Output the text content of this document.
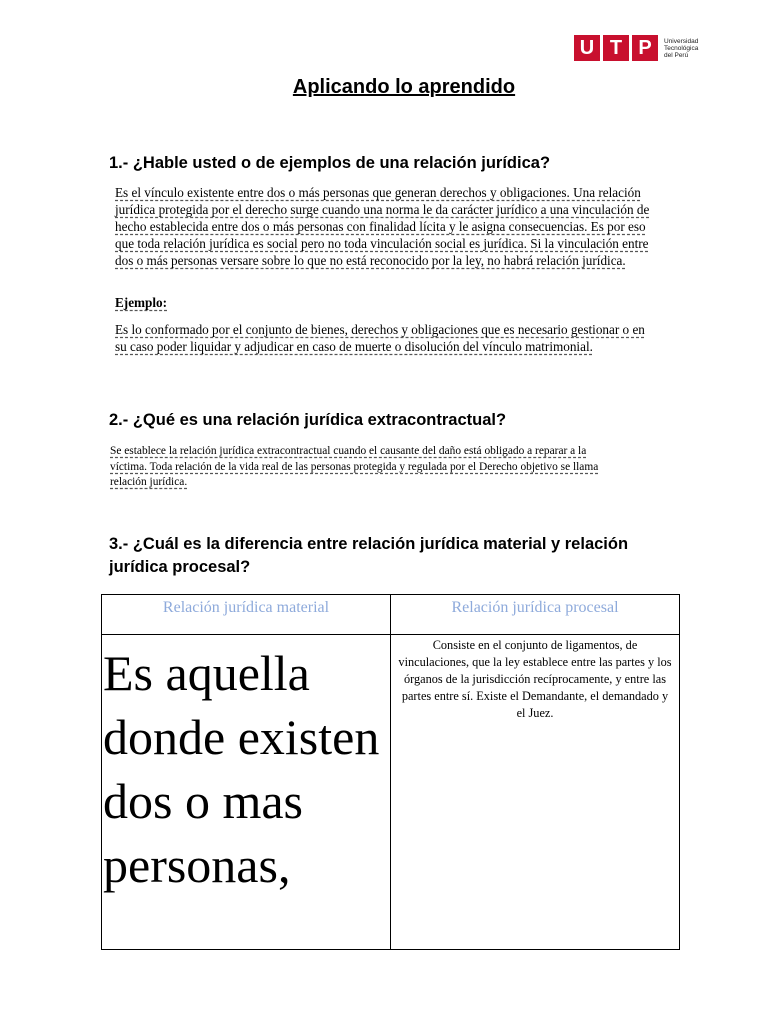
U T P	Universidad
Tecnológica
del Perú
Aplicando lo aprendido
1.- ¿Hable usted o de ejemplos de una relación jurídica?
Es el vínculo existente entre dos o más personas que generan derechos y obligaciones. Una relación jurídica protegida por el derecho surge cuando una norma le da carácter jurídico a una vinculación de hecho establecida entre dos o más personas con finalidad lícita y le asigna consecuencias. Es por eso que toda relación jurídica es social pero no toda vinculación social es jurídica. Si la vinculación entre dos o más personas versare sobre lo que no está reconocido por la ley, no habrá relación jurídica.
Ejemplo:
Es lo conformado por el conjunto de bienes, derechos y obligaciones que es necesario gestionar o en su caso poder liquidar y adjudicar en caso de muerte o disolución del vínculo matrimonial.
2.- ¿Qué es una relación jurídica extracontractual?
Se establece la relación jurídica extracontractual cuando el causante del daño está obligado a reparar a la víctima. Toda relación de la vida real de las personas protegida y regulada por el Derecho objetivo se llama relación jurídica.
3.- ¿Cuál es la diferencia entre relación jurídica material y relación jurídica procesal?
Relación jurídica material	Relación jurídica procesal

Es aquella donde existen dos o mas personas,	Consiste en el conjunto de ligamentos, de vinculaciones, que la ley establece entre las partes y los órganos de la jurisdicción recíprocamente, y entre las partes entre sí. Existe el Demandante, el demandado y el Juez.
